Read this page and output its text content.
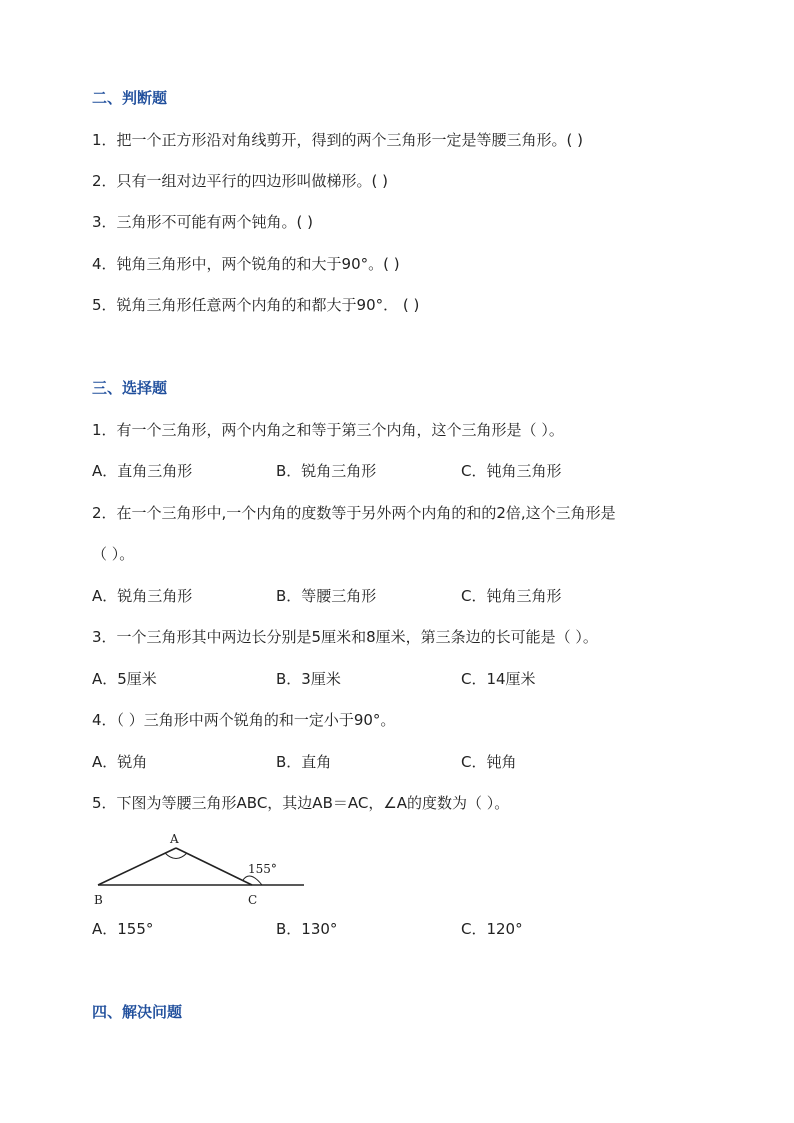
二、判断题
1．把一个正方形沿对角线剪开，得到的两个三角形一定是等腰三角形。( )
2．只有一组对边平行的四边形叫做梯形。( )
3．三角形不可能有两个钝角。( )
4．钝角三角形中，两个锐角的和大于90°。( )
5．锐角三角形任意两个内角的和都大于90°． ( )
三、选择题
1．有一个三角形，两个内角之和等于第三个内角，这个三角形是（ ）。
A．直角三角形	B．锐角三角形	C．钝角三角形
2．在一个三角形中,一个内角的度数等于另外两个内角的和的2倍,这个三角形是
（ ）。
A．锐角三角形	B．等腰三角形	C．钝角三角形
3．一个三角形其中两边长分别是5厘米和8厘米，第三条边的长可能是（ ）。
A．5厘米	B．3厘米	C．14厘米
4．（ ）三角形中两个锐角的和一定小于90°。
A．锐角	B．直角	C．钝角
5．下图为等腰三角形ABC，其边AB＝AC，∠A的度数为（ ）。
A
B	C
155°
A．155°	B．130°	C．120°
四、解决问题
